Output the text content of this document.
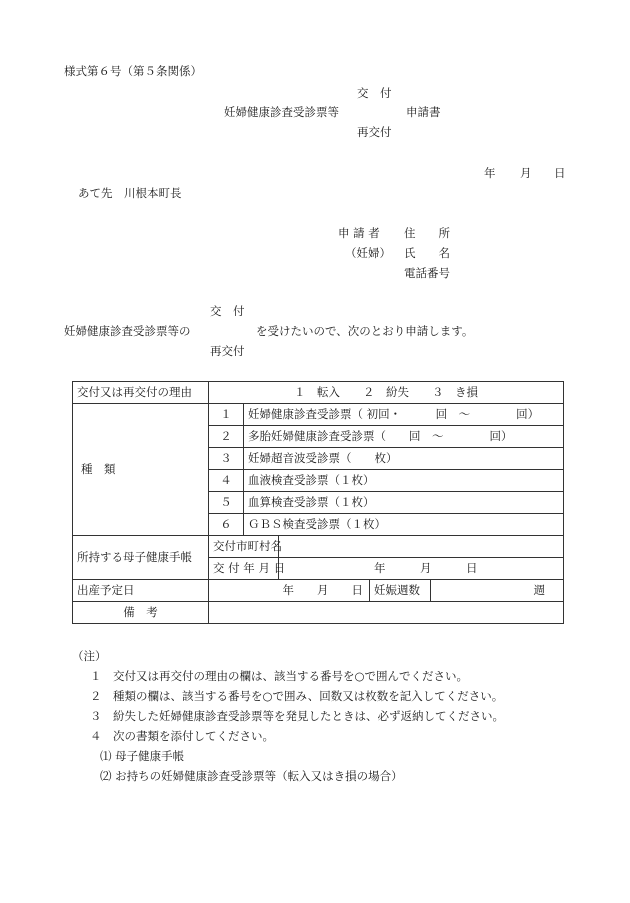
様式第６号（第５条関係）
交　付
妊婦健康診査受診票等	申請書
再交付
年 月 日
あて先　川根本町長
申 請 者 住　　所
（妊婦） 氏　　名
電話番号
交　付
妊婦健康診査受診票等の	を受けたいので、次のとおり申請します。
再交付
交付又は再交付の理由	１　転入　　２　紛失　　３　き損				
種　類	１	妊婦健康診査受診票（ 初回・　　　回　～　　　　回）			
	２	多胎妊婦健康診査受診票（　　回　～　　　　回）			
	３	妊婦超音波受診票（　　枚）			
	４	血液検査受診票（１枚）			
	５	血算検査受診票（１枚）			
	６	ＧＢＳ検査受診票（１枚）			
所持する母子健康手帳	交付市町村名				
	交 付 年 月 日		年　　　月　　　日		
出産予定日	年　　月　　日			妊娠週数	週
備　考					
（注）
１　交付又は再交付の理由の欄は、該当する番号を○で囲んでください。
２　種類の欄は、該当する番号を○で囲み、回数又は枚数を記入してください。
３　紛失した妊婦健康診査受診票等を発見したときは、必ず返納してください。
４　次の書類を添付してください。
⑴ 母子健康手帳
⑵ お持ちの妊婦健康診査受診票等（転入又はき損の場合）
